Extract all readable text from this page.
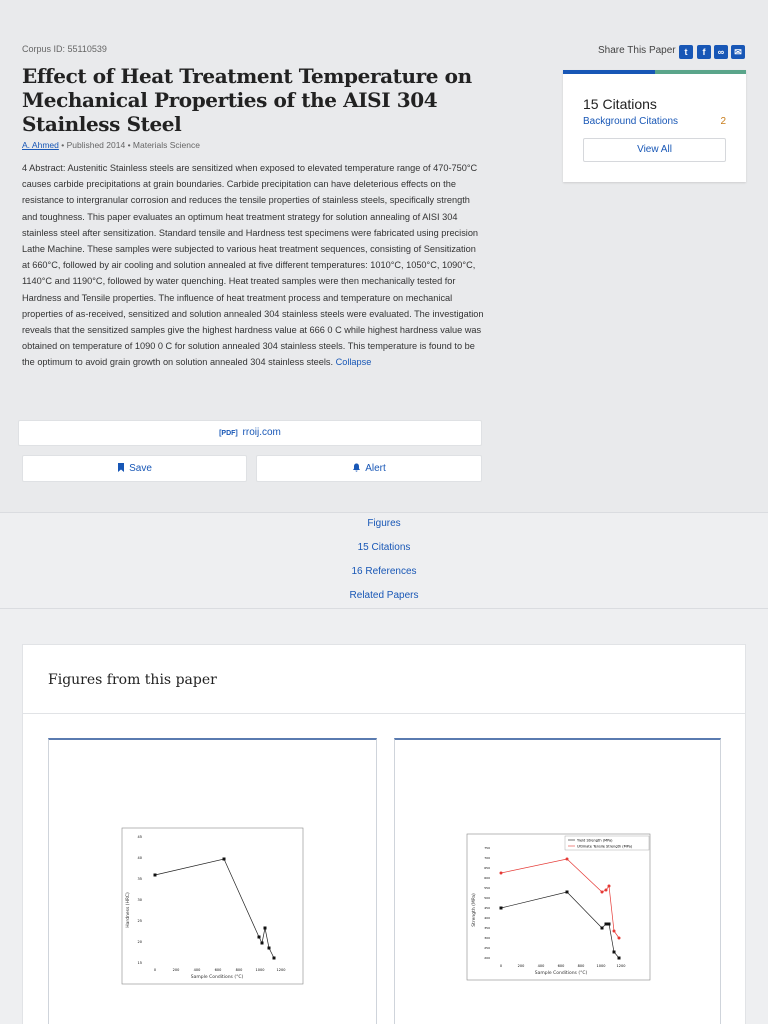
Corpus ID: 55110539
Effect of Heat Treatment Temperature on Mechanical Properties of the AISI 304 Stainless Steel
A. Ahmed • Published 2014 • Materials Science
4 Abstract: Austenitic Stainless steels are sensitized when exposed to elevated temperature range of 470-750°C causes carbide precipitations at grain boundaries. Carbide precipitation can have deleterious effects on the resistance to intergranular corrosion and reduces the tensile properties of stainless steels, specifically strength and toughness. This paper evaluates an optimum heat treatment strategy for solution annealing of AISI 304 stainless steel after sensitization. Standard tensile and Hardness test specimens were fabricated using precision Lathe Machine. These samples were subjected to various heat treatment sequences, consisting of Sensitization at 660°C, followed by air cooling and solution annealed at five different temperatures: 1010°C, 1050°C, 1090°C, 1140°C and 1190°C, followed by water quenching. Heat treated samples were then mechanically tested for Hardness and Tensile properties. The influence of heat treatment process and temperature on mechanical properties of as-received, sensitized and solution annealed 304 stainless steels were evaluated. The investigation reveals that the sensitized samples give the highest hardness value at 666 0 C while highest hardness value was obtained on temperature of 1090 0 C for solution annealed 304 stainless steels. This temperature is found to be the optimum to avoid grain growth on solution annealed 304 stainless steels. Collapse
[PDF] rroij.com
Save	Alert
Share This Paper t	f	∞	✉
15 Citations
Background Citations	2
View All
Figures
15 Citations
16 References
Related Papers
Figures from this paper
Hardness (HRC)
Sample Conditions (°C)
15
20
25
30
35
40
45
0	200	400	600	800	1000	1200
Yield Strength (MPa)
Ultimate Tensile Strength (MPa)
Strength (MPa)
Sample Conditions (°C)
200
250
300
350
400
450
500
550
600
650
700
750
0	200	400	600	800	1000	1200
